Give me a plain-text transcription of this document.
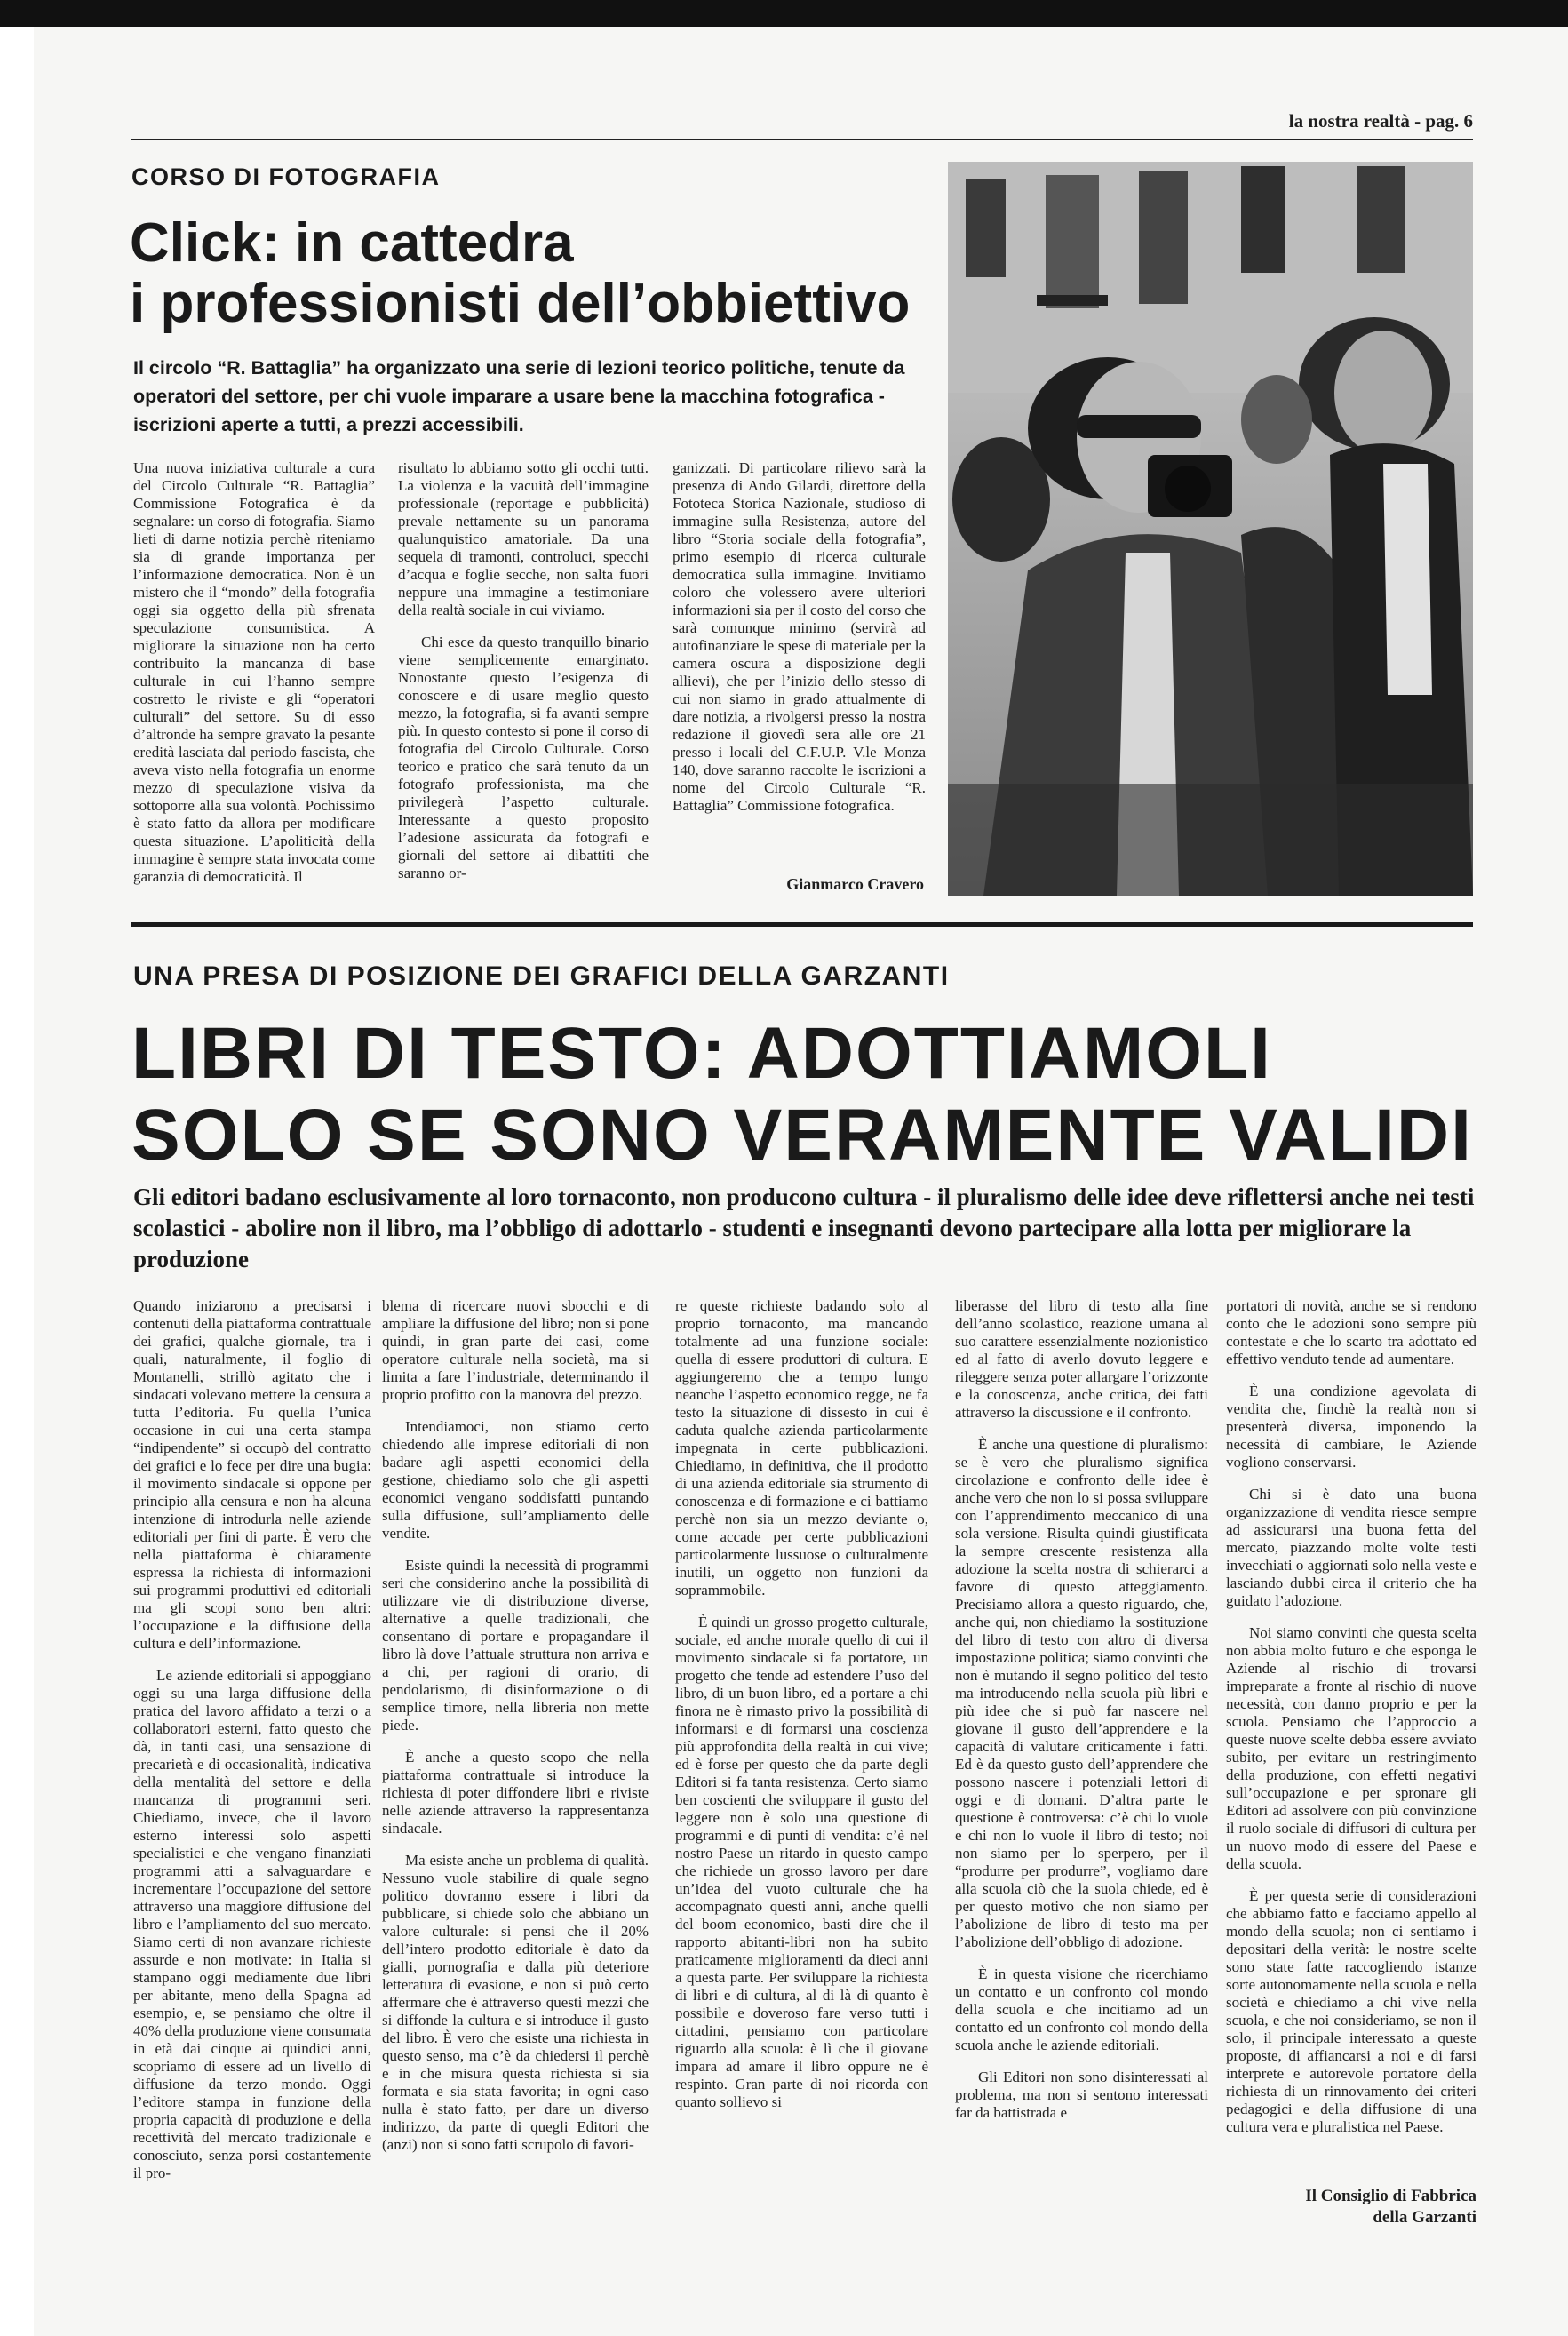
la nostra realtà - pag. 6
CORSO DI FOTOGRAFIA
Click: in cattedra
i professionisti dell’obbiettivo

Il circolo “R. Battaglia” ha organizzato una serie di lezioni teorico politiche, tenute da operatori del settore, per chi vuole imparare a usare bene la macchina fotografica - iscrizioni aperte a tutti, a prezzi accessibili.

Una nuova iniziativa culturale a cura del Circolo Culturale “R. Battaglia” Commissione Fotografica è da segnalare: un corso di fotografia. Siamo lieti di darne notizia perchè riteniamo sia di grande importanza per l’informazione democratica. Non è un mistero che il “mondo” della fotografia oggi sia oggetto della più sfrenata speculazione consumistica. A migliorare la situazione non ha certo contribuito la mancanza di base culturale in cui l’hanno sempre costretto le riviste e gli “operatori culturali” del settore. Su di esso d’altronde ha sempre gravato la pesante eredità lasciata dal periodo fascista, che aveva visto nella fotografia un enorme mezzo di speculazione visiva da sottoporre alla sua volontà. Pochissimo è stato fatto da allora per modificare questa situazione. L’apoliticità della immagine è sempre stata invocata come garanzia di democraticità. Il

risultato lo abbiamo sotto gli occhi tutti. La violenza e la vacuità dell’immagine professionale (reportage e pubblicità) prevale nettamente su un panorama qualunquistico amatoriale. Da una sequela di tramonti, controluci, specchi d’acqua e foglie secche, non salta fuori neppure una immagine a testimoniare della realtà sociale in cui viviamo.

Chi esce da questo tranquillo binario viene semplicemente emarginato. Nonostante questo l’esigenza di conoscere e di usare meglio questo mezzo, la fotografia, si fa avanti sempre più. In questo contesto si pone il corso di fotografia del Circolo Culturale. Corso teorico e pratico che sarà tenuto da un fotografo professionista, ma che privilegerà l’aspetto culturale. Interessante a questo proposito l’adesione assicurata da fotografi e giornali del settore ai dibattiti che saranno or-

ganizzati. Di particolare rilievo sarà la presenza di Ando Gilardi, direttore della Fototeca Storica Nazionale, studioso di immagine sulla Resistenza, autore del libro “Storia sociale della fotografia”, primo esempio di ricerca culturale democratica sulla immagine. Invitiamo coloro che volessero avere ulteriori informazioni sia per il costo del corso che sarà comunque minimo (servirà ad autofinanziare le spese di materiale per la camera oscura a disposizione degli allievi), che per l’inizio dello stesso di cui non siamo in grado attualmente di dare notizia, a rivolgersi presso la nostra redazione il giovedì sera alle ore 21 presso i locali del C.F.U.P. V.le Monza 140, dove saranno raccolte le iscrizioni a nome del Circolo Culturale “R. Battaglia” Commissione fotografica.

Gianmarco Cravero
UNA PRESA DI POSIZIONE DEI GRAFICI DELLA GARZANTI
LIBRI DI TESTO: ADOTTIAMOLI
SOLO SE SONO VERAMENTE VALIDI

Gli editori badano esclusivamente al loro tornaconto, non producono cultura - il pluralismo delle idee deve riflettersi anche nei testi scolastici - abolire non il libro, ma l’obbligo di adottarlo - studenti e insegnanti devono partecipare alla lotta per migliorare la produzione

Quando iniziarono a precisarsi i contenuti della piattaforma contrattuale dei grafici, qualche giornale, tra i quali, naturalmente, il foglio di Montanelli, strillò agitato che i sindacati volevano mettere la censura a tutta l’editoria. Fu quella l’unica occasione in cui una certa stampa “indipendente” si occupò del contratto dei grafici e lo fece per dire una bugia: il movimento sindacale si oppone per principio alla censura e non ha alcuna intenzione di introdurla nelle aziende editoriali per fini di parte. È vero che nella piattaforma è chiaramente espressa la richiesta di informazioni sui programmi produttivi ed editoriali ma gli scopi sono ben altri: l’occupazione e la diffusione della cultura e dell’informazione.

Le aziende editoriali si appoggiano oggi su una larga diffusione della pratica del lavoro affidato a terzi o a collaboratori esterni, fatto questo che dà, in tanti casi, una sensazione di precarietà e di occasionalità, indicativa della mentalità del settore e della mancanza di programmi seri. Chiediamo, invece, che il lavoro esterno interessi solo aspetti specialistici e che vengano finanziati programmi atti a salvaguardare e incrementare l’occupazione del settore attraverso una maggiore diffusione del libro e l’ampliamento del suo mercato. Siamo certi di non avanzare richieste assurde e non motivate: in Italia si stampano oggi mediamente due libri per abitante, meno della Spagna ad esempio, e, se pensiamo che oltre il 40% della produzione viene consumata in età dai cinque ai quindici anni, scopriamo di essere ad un livello di diffusione da terzo mondo. Oggi l’editore stampa in funzione della propria capacità di produzione e della recettività del mercato tradizionale e conosciuto, senza porsi costantemente il pro-

blema di ricercare nuovi sbocchi e di ampliare la diffusione del libro; non si pone quindi, in gran parte dei casi, come operatore culturale nella società, ma si limita a fare l’industriale, determinando il proprio profitto con la manovra del prezzo.

Intendiamoci, non stiamo certo chiedendo alle imprese editoriali di non badare agli aspetti economici della gestione, chiediamo solo che gli aspetti economici vengano soddisfatti puntando sulla diffusione, sull’ampliamento delle vendite.

Esiste quindi la necessità di programmi seri che considerino anche la possibilità di utilizzare vie di distribuzione diverse, alternative a quelle tradizionali, che consentano di portare e propagandare il libro là dove l’attuale struttura non arriva e a chi, per ragioni di orario, di pendolarismo, di disinformazione o di semplice timore, nella libreria non mette piede.

È anche a questo scopo che nella piattaforma contrattuale si introduce la richiesta di poter diffondere libri e riviste nelle aziende attraverso la rappresentanza sindacale.

Ma esiste anche un problema di qualità. Nessuno vuole stabilire di quale segno politico dovranno essere i libri da pubblicare, si chiede solo che abbiano un valore culturale: si pensi che il 20% dell’intero prodotto editoriale è dato da gialli, pornografia e dalla più deteriore letteratura di evasione, e non si può certo affermare che è attraverso questi mezzi che si diffonde la cultura e si introduce il gusto del libro. È vero che esiste una richiesta in questo senso, ma c’è da chiedersi il perchè e in che misura questa richiesta si sia formata e sia stata favorita; in ogni caso nulla è stato fatto, per dare un diverso indirizzo, da parte di quegli Editori che (anzi) non si sono fatti scrupolo di favori-

re queste richieste badando solo al proprio tornaconto, ma mancando totalmente ad una funzione sociale: quella di essere produttori di cultura. E aggiungeremo che a tempo lungo neanche l’aspetto economico regge, ne fa testo la situazione di dissesto in cui è caduta qualche azienda particolarmente impegnata in certe pubblicazioni. Chiediamo, in definitiva, che il prodotto di una azienda editoriale sia strumento di conoscenza e di formazione e ci battiamo perchè non sia un mezzo deviante o, come accade per certe pubblicazioni particolarmente lussuose o culturalmente inutili, un oggetto non funzioni da soprammobile.

È quindi un grosso progetto culturale, sociale, ed anche morale quello di cui il movimento sindacale si fa portatore, un progetto che tende ad estendere l’uso del libro, di un buon libro, ed a portare a chi finora ne è rimasto privo la possibilità di informarsi e di formarsi una coscienza più approfondita della realtà in cui vive; ed è forse per questo che da parte degli Editori si fa tanta resistenza. Certo siamo ben coscienti che sviluppare il gusto del leggere non è solo una questione di programmi e di punti di vendita: c’è nel nostro Paese un ritardo in questo campo che richiede un grosso lavoro per dare un’idea del vuoto culturale che ha accompagnato questi anni, anche quelli del boom economico, basti dire che il rapporto abitanti-libri non ha subito praticamente miglioramenti da dieci anni a questa parte. Per sviluppare la richiesta di libri e di cultura, al di là di quanto è possibile e doveroso fare verso tutti i cittadini, pensiamo con particolare riguardo alla scuola: è lì che il giovane impara ad amare il libro oppure ne è respinto. Gran parte di noi ricorda con quanto sollievo si

liberasse del libro di testo alla fine dell’anno scolastico, reazione umana al suo carattere essenzialmente nozionistico ed al fatto di averlo dovuto leggere e rileggere senza poter allargare l’orizzonte e la conoscenza, anche critica, dei fatti attraverso la discussione e il confronto.

È anche una questione di pluralismo: se è vero che pluralismo significa circolazione e confronto delle idee è anche vero che non lo si possa sviluppare con l’apprendimento meccanico di una sola versione. Risulta quindi giustificata la sempre crescente resistenza alla adozione la scelta nostra di schierarci a favore di questo atteggiamento. Precisiamo allora a questo riguardo, che, anche qui, non chiediamo la sostituzione del libro di testo con altro di diversa impostazione politica; siamo convinti che non è mutando il segno politico del testo ma introducendo nella scuola più libri e più idee che si può far nascere nel giovane il gusto dell’apprendere e la capacità di valutare criticamente i fatti. Ed è da questo gusto dell’apprendere che possono nascere i potenziali lettori di oggi e di domani. D’altra parte le questione è controversa: c’è chi lo vuole e chi non lo vuole il libro di testo; noi non siamo per lo sperpero, per il “produrre per produrre”, vogliamo dare alla scuola ciò che la suola chiede, ed è per questo motivo che non siamo per l’abolizione de libro di testo ma per l’abolizione dell’obbligo di adozione.

È in questa visione che ricerchiamo un contatto e un confronto col mondo della scuola e che incitiamo ad un contatto ed un confronto col mondo della scuola anche le aziende editoriali.

Gli Editori non sono disinteressati al problema, ma non si sentono interessati far da battistrada e

portatori di novità, anche se si rendono conto che le adozioni sono sempre più contestate e che lo scarto tra adottato ed effettivo venduto tende ad aumentare.

È una condizione agevolata di vendita che, finchè la realtà non si presenterà diversa, imponendo la necessità di cambiare, le Aziende vogliono conservarsi.

Chi si è dato una buona organizzazione di vendita riesce sempre ad assicurarsi una buona fetta del mercato, piazzando molte volte testi invecchiati o aggiornati solo nella veste e lasciando dubbi circa il criterio che ha guidato l’adozione.

Noi siamo convinti che questa scelta non abbia molto futuro e che esponga le Aziende al rischio di trovarsi impreparate a fronte al rischio di nuove necessità, con danno proprio e per la scuola. Pensiamo che l’approccio a queste nuove scelte debba essere avviato subito, per evitare un restringimento della produzione, con effetti negativi sull’occupazione e per spronare gli Editori ad assolvere con più convinzione il ruolo sociale di diffusori di cultura per un nuovo modo di essere del Paese e della scuola.

È per questa serie di considerazioni che abbiamo fatto e facciamo appello al mondo della scuola; non ci sentiamo i depositari della verità: le nostre scelte sono state fatte raccogliendo istanze sorte autonomamente nella scuola e nella società e chiediamo a chi vive nella scuola, e che noi consideriamo, se non il solo, il principale interessato a queste proposte, di affiancarsi a noi e di farsi interprete e autorevole portatore della richiesta di un rinnovamento dei criteri pedagogici e della diffusione di una cultura vera e pluralistica nel Paese.

Il Consiglio di Fabbrica
della Garzanti
